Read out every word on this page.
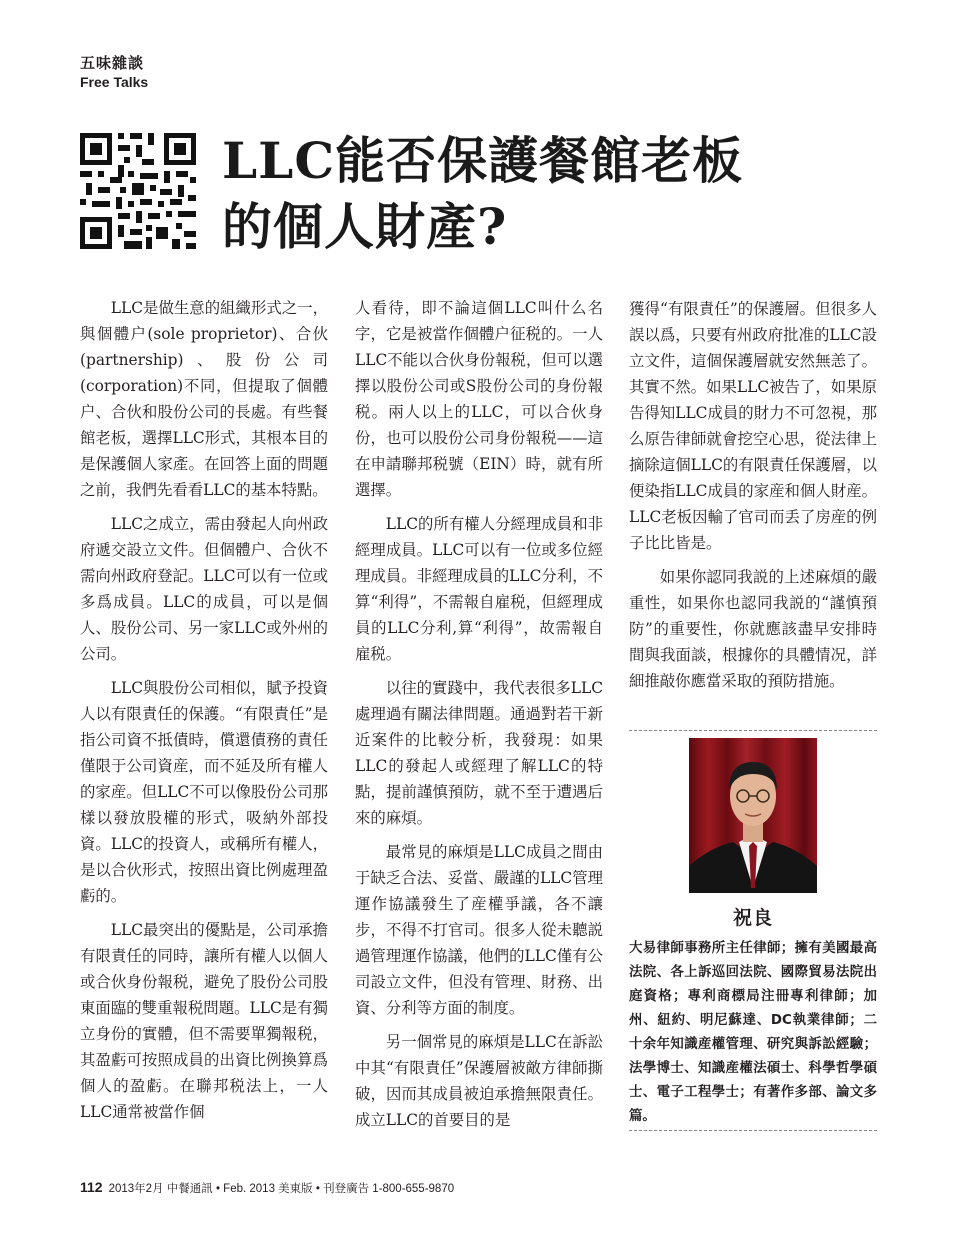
五味雜談
Free Talks
LLC能否保護餐館老板
的個人財產?

LLC是做生意的組織形式之一，與個體户(sole proprietor)、合伙(partnership)、股份公司(corporation)不同，但提取了個體户、合伙和股份公司的長處。有些餐館老板，選擇LLC形式，其根本目的是保護個人家產。在回答上面的問題之前，我們先看看LLC的基本特點。

LLC之成立，需由發起人向州政府遞交設立文件。但個體户、合伙不需向州政府登記。LLC可以有一位或多爲成員。LLC的成員，可以是個人、股份公司、另一家LLC或外州的公司。

LLC與股份公司相似，賦予投資人以有限責任的保護。“有限責任”是指公司資不抵債時，償還債務的責任僅限于公司資産，而不延及所有權人的家産。但LLC不可以像股份公司那樣以發放股權的形式，吸納外部投資。LLC的投資人，或稱所有權人，是以合伙形式，按照出資比例處理盈虧的。

LLC最突出的優點是，公司承擔有限責任的同時，讓所有權人以個人或合伙身份報税，避免了股份公司股東面臨的雙重報税問題。LLC是有獨立身份的實體，但不需要單獨報税，其盈虧可按照成員的出資比例換算爲個人的盈虧。在聯邦税法上，一人LLC通常被當作個

人看待，即不論這個LLC叫什么名字，它是被當作個體户征税的。一人LLC不能以合伙身份報税，但可以選擇以股份公司或S股份公司的身份報税。兩人以上的LLC，可以合伙身份，也可以股份公司身份報税——這在申請聯邦税號（EIN）時，就有所選擇。

LLC的所有權人分經理成員和非經理成員。LLC可以有一位或多位經理成員。非經理成員的LLC分利，不算“利得”，不需報自雇税，但經理成員的LLC分利,算“利得”，故需報自雇税。

以往的實踐中，我代表很多LLC處理過有關法律問題。通過對若干新近案件的比較分析，我發現：如果LLC的發起人或經理了解LLC的特點，提前謹慎預防，就不至于遭遇后來的麻煩。

最常見的麻煩是LLC成員之間由于缺乏合法、妥當、嚴謹的LLC管理運作協議發生了産權爭議，各不讓步，不得不打官司。很多人從未聽説過管理運作協議，他們的LLC僅有公司設立文件，但没有管理、財務、出資、分利等方面的制度。

另一個常見的麻煩是LLC在訴訟中其“有限責任”保護層被敵方律師撕破，因而其成員被迫承擔無限責任。成立LLC的首要目的是

獲得“有限責任”的保護層。但很多人誤以爲，只要有州政府批准的LLC設立文件，這個保護層就安然無恙了。其實不然。如果LLC被告了，如果原告得知LLC成員的財力不可忽視，那么原告律師就會挖空心思，從法律上摘除這個LLC的有限責任保護層，以便染指LLC成員的家産和個人財産。LLC老板因輸了官司而丢了房産的例子比比皆是。

如果你認同我説的上述麻煩的嚴重性，如果你也認同我説的“謹慎預防”的重要性，你就應該盡早安排時間與我面談，根據你的具體情况，詳細推敲你應當采取的預防措施。

祝良
大易律師事務所主任律師；擁有美國最高法院、各上訴巡回法院、國際貿易法院出庭資格；專利商標局注冊專利律師；加州、紐約、明尼蘇達、DC執業律師；二十余年知識産權管理、研究與訴訟經驗；法學博士、知識産權法碩士、科學哲學碩士、電子工程學士；有著作多部、論文多篇。
112 2013年2月 中餐通訊 • Feb. 2013 美東版 • 刊登廣告 1-800-655-9870
